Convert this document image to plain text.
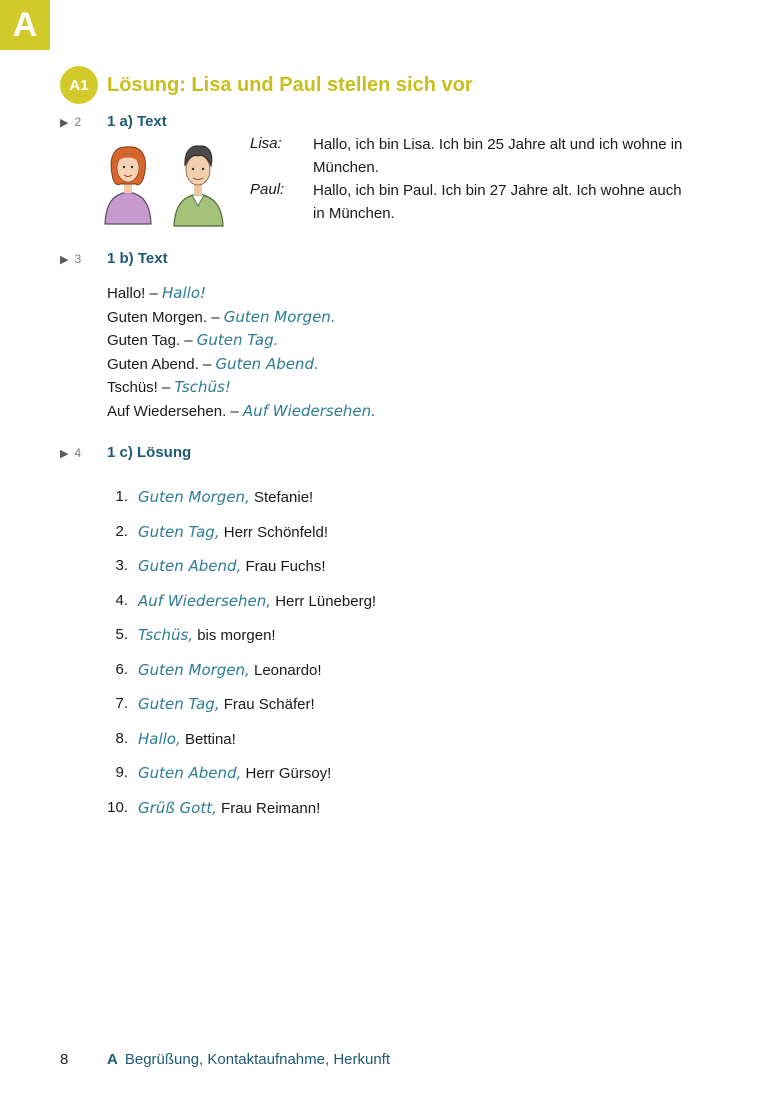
A
A1 Lösung: Lisa und Paul stellen sich vor
▶ 2 1 a) Text
Lisa: Hallo, ich bin Lisa. Ich bin 25 Jahre alt und ich wohne in München.
Paul: Hallo, ich bin Paul. Ich bin 27 Jahre alt. Ich wohne auch in München.
▶ 3 1 b) Text
Hallo! – Hallo!
Guten Morgen. – Guten Morgen.
Guten Tag. – Guten Tag.
Guten Abend. – Guten Abend.
Tschüs! – Tschüs!
Auf Wiedersehen. – Auf Wiedersehen.
▶ 4 1 c) Lösung
1. Guten Morgen, Stefanie!
2. Guten Tag, Herr Schönfeld!
3. Guten Abend, Frau Fuchs!
4. Auf Wiedersehen, Herr Lüneberg!
5. Tschüs, bis morgen!
6. Guten Morgen, Leonardo!
7. Guten Tag, Frau Schäfer!
8. Hallo, Bettina!
9. Guten Abend, Herr Gürsoy!
10. Grüß Gott, Frau Reimann!
8	A Begrüßung, Kontaktaufnahme, Herkunft
